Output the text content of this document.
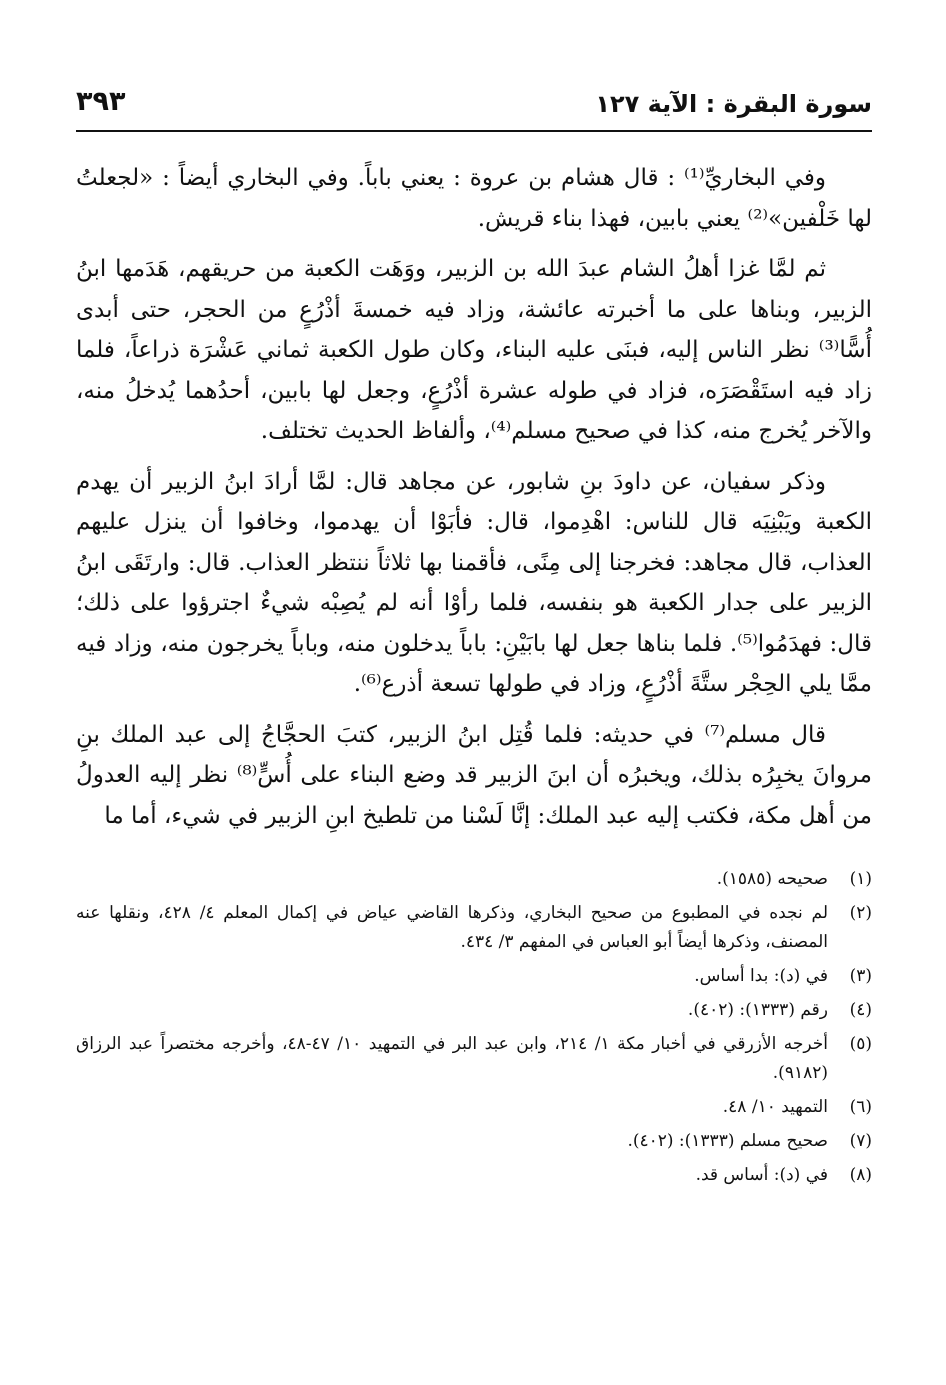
سورة البقرة : الآية ١٢٧
٣٩٣

وفي البخاريِّ⁽¹⁾ : قال هشام بن عروة : يعني باباً. وفي البخاري أيضاً : «لجعلتُ لها خَلْفين»⁽²⁾ يعني بابين، فهذا بناء قريش.

ثم لمَّا غزا أهلُ الشام عبدَ الله بن الزبير، ووَهَت الكعبة من حريقهم، هَدَمها ابنُ الزبير، وبناها على ما أخبرته عائشة، وزاد فيه خمسةَ أذْرُعٍ من الحجر، حتى أبدى أُسًّا⁽³⁾ نظر الناس إليه، فبنَى عليه البناء، وكان طول الكعبة ثماني عَشْرَة ذراعاً، فلما زاد فيه استَقْصَرَه، فزاد في طوله عشرة أذْرُعٍ، وجعل لها بابين، أحدُهما يُدخلُ منه، والآخر يُخرج منه، كذا في صحيح مسلم⁽⁴⁾، وألفاظ الحديث تختلف.

وذكر سفيان، عن داودَ بنِ شابور، عن مجاهد قال: لمَّا أرادَ ابنُ الزبير أن يهدم الكعبة ويَبْنِيَه قال للناس: اهْدِموا، قال: فأبَوْا أن يهدموا، وخافوا أن ينزل عليهم العذاب، قال مجاهد: فخرجنا إلى مِنًى، فأقمنا بها ثلاثاً ننتظر العذاب. قال: وارتَقَى ابنُ الزبير على جدار الكعبة هو بنفسه، فلما رأوْا أنه لم يُصِبْه شيءٌ اجترؤوا على ذلك؛ قال: فهدَمُوا⁽⁵⁾. فلما بناها جعل لها بابَيْنِ: باباً يدخلون منه، وباباً يخرجون منه، وزاد فيه ممَّا يلي الحِجْر ستَّةَ أذْرُعٍ، وزاد في طولها تسعة أذرع⁽⁶⁾.

قال مسلم⁽⁷⁾ في حديثه: فلما قُتِل ابنُ الزبير، كتبَ الحجَّاجُ إلى عبد الملك بنِ مروانَ يخبِرُه بذلك، ويخبرُه أن ابنَ الزبير قد وضع البناء على أُسٍّ⁽⁸⁾ نظر إليه العدولُ من أهل مكة، فكتب إليه عبد الملك: إنَّا لَسْنا من تلطيخ ابنِ الزبير في شيء، أما ما

(١)
صحيحه (١٥٨٥).
(٢)
لم نجده في المطبوع من صحيح البخاري، وذكرها القاضي عياض في إكمال المعلم ٤/ ٤٢٨، ونقلها عنه المصنف، وذكرها أيضاً أبو العباس في المفهم ٣/ ٤٣٤.
(٣)
في (د): بدا أساس.
(٤)
رقم (١٣٣٣): (٤٠٢).
(٥)
أخرجه الأزرقي في أخبار مكة ١/ ٢١٤، وابن عبد البر في التمهيد ١٠/ ٤٧-٤٨، وأخرجه مختصراً عبد الرزاق (٩١٨٢).
(٦)
التمهيد ١٠/ ٤٨.
(٧)
صحيح مسلم (١٣٣٣): (٤٠٢).
(٨)
في (د): أساس قد.
